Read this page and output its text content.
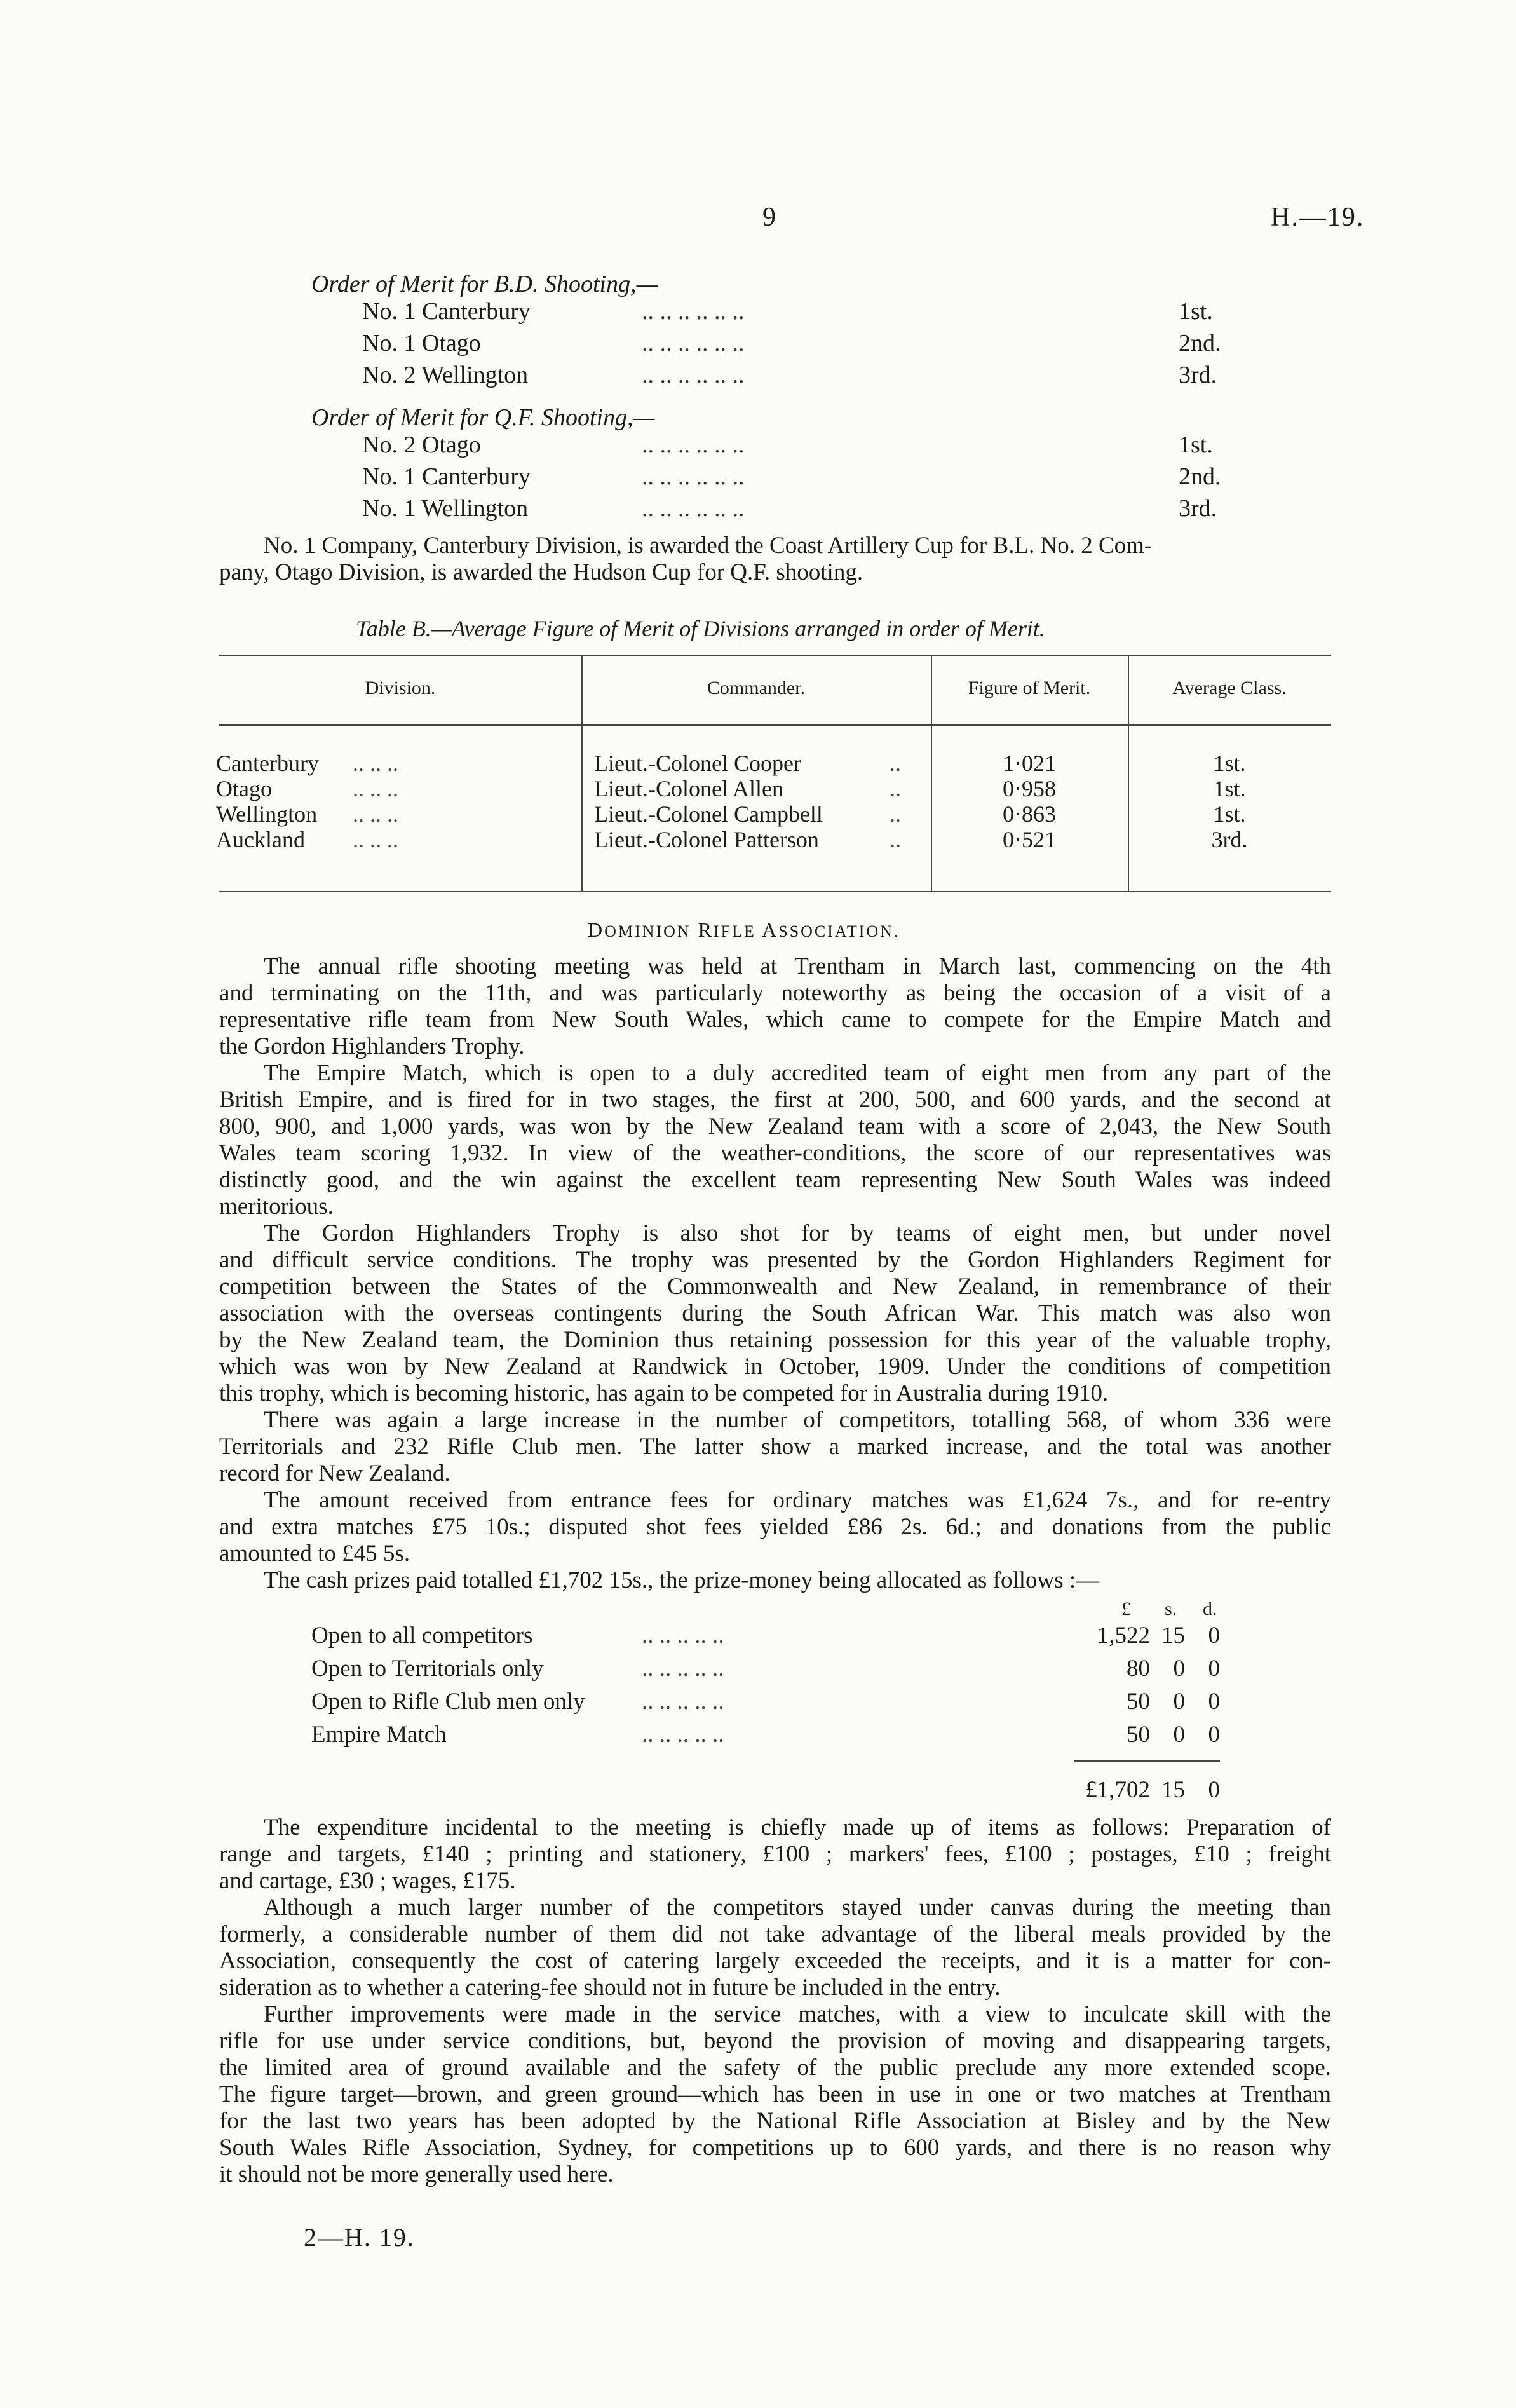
9	H.—19.
Order of Merit for B.D. Shooting,—
No. 1 Canterbury	.. .. .. .. .. ..	1st.
No. 1 Otago	.. .. .. .. .. ..	2nd.
No. 2 Wellington	.. .. .. .. .. ..	3rd.
Order of Merit for Q.F. Shooting,—
No. 2 Otago	.. .. .. .. .. ..	1st.
No. 1 Canterbury	.. .. .. .. .. ..	2nd.
No. 1 Wellington	.. .. .. .. .. ..	3rd.
No. 1 Company, Canterbury Division, is awarded the Coast Artillery Cup for B.L. No. 2 Com-
pany, Otago Division, is awarded the Hudson Cup for Q.F. shooting.
Table B.—Average Figure of Merit of Divisions arranged in order of Merit.
Division.	Commander.	Figure of Merit.	Average Class.
Canterbury .. .. ..	Lieut.-Colonel Cooper	..	1·021	1st.
Otago	.. .. ..	Lieut.-Colonel Allen	..	0·958	1st.
Wellington .. .. ..	Lieut.-Colonel Campbell	..	0·863	1st.
Auckland .. .. ..	Lieut.-Colonel Patterson	..	0·521	3rd.
DOMINION RIFLE ASSOCIATION.
The annual rifle shooting meeting was held at Trentham in March last, commencing on the 4th
and terminating on the 11th, and was particularly noteworthy as being the occasion of a visit of a
representative rifle team from New South Wales, which came to compete for the Empire Match and
the Gordon Highlanders Trophy.
The Empire Match, which is open to a duly accredited team of eight men from any part of the
British Empire, and is fired for in two stages, the first at 200, 500, and 600 yards, and the second at
800, 900, and 1,000 yards, was won by the New Zealand team with a score of 2,043, the New South
Wales team scoring 1,932. In view of the weather-conditions, the score of our representatives was
distinctly good, and the win against the excellent team representing New South Wales was indeed
meritorious.
The Gordon Highlanders Trophy is also shot for by teams of eight men, but under novel
and difficult service conditions. The trophy was presented by the Gordon Highlanders Regiment for
competition between the States of the Commonwealth and New Zealand, in remembrance of their
association with the overseas contingents during the South African War. This match was also won
by the New Zealand team, the Dominion thus retaining possession for this year of the valuable trophy,
which was won by New Zealand at Randwick in October, 1909. Under the conditions of competition
this trophy, which is becoming historic, has again to be competed for in Australia during 1910.
There was again a large increase in the number of competitors, totalling 568, of whom 336 were
Territorials and 232 Rifle Club men. The latter show a marked increase, and the total was another
record for New Zealand.
The amount received from entrance fees for ordinary matches was £1,624 7s., and for re-entry
and extra matches £75 10s.; disputed shot fees yielded £86 2s. 6d.; and donations from the public
amounted to £45 5s.
The cash prizes paid totalled £1,702 15s., the prize-money being allocated as follows :—
£ s. d.
Open to all competitors	.. .. .. .. ..	1,522 15 0
Open to Territorials only	.. .. .. .. ..	80 0 0
Open to Rifle Club men only .. .. .. .. ..	50 0 0
Empire Match	.. .. .. .. ..	50 0 0
£1,702 15 0
The expenditure incidental to the meeting is chiefly made up of items as follows: Preparation of
range and targets, £140 ; printing and stationery, £100 ; markers' fees, £100 ; postages, £10 ; freight
and cartage, £30 ; wages, £175.
Although a much larger number of the competitors stayed under canvas during the meeting than
formerly, a considerable number of them did not take advantage of the liberal meals provided by the
Association, consequently the cost of catering largely exceeded the receipts, and it is a matter for con-
sideration as to whether a catering-fee should not in future be included in the entry.
Further improvements were made in the service matches, with a view to inculcate skill with the
rifle for use under service conditions, but, beyond the provision of moving and disappearing targets,
the limited area of ground available and the safety of the public preclude any more extended scope.
The figure target—brown, and green ground—which has been in use in one or two matches at Trentham
for the last two years has been adopted by the National Rifle Association at Bisley and by the New
South Wales Rifle Association, Sydney, for competitions up to 600 yards, and there is no reason why
it should not be more generally used here.
2—H. 19.
